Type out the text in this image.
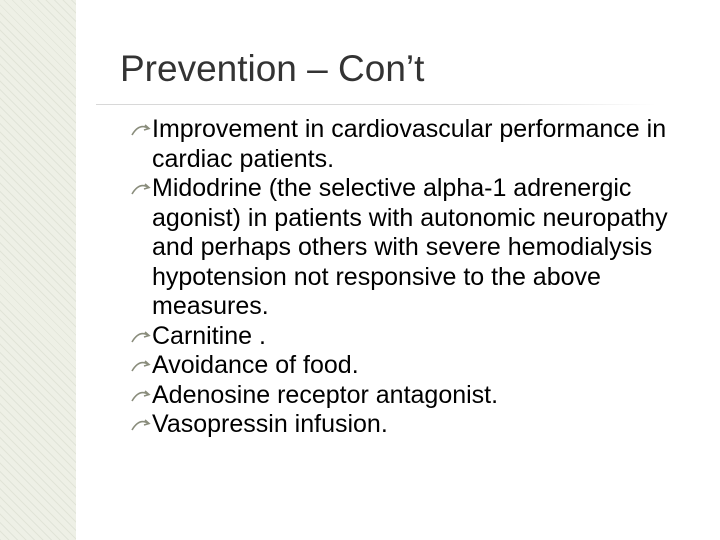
Prevention – Con’t
Improvement in cardiovascular performance in cardiac patients.
Midodrine (the selective alpha-1 adrenergic agonist) in patients with autonomic neuropathy and perhaps others with severe hemodialysis hypotension not responsive to the above measures.
Carnitine .
Avoidance of food.
Adenosine receptor antagonist.
Vasopressin infusion.
